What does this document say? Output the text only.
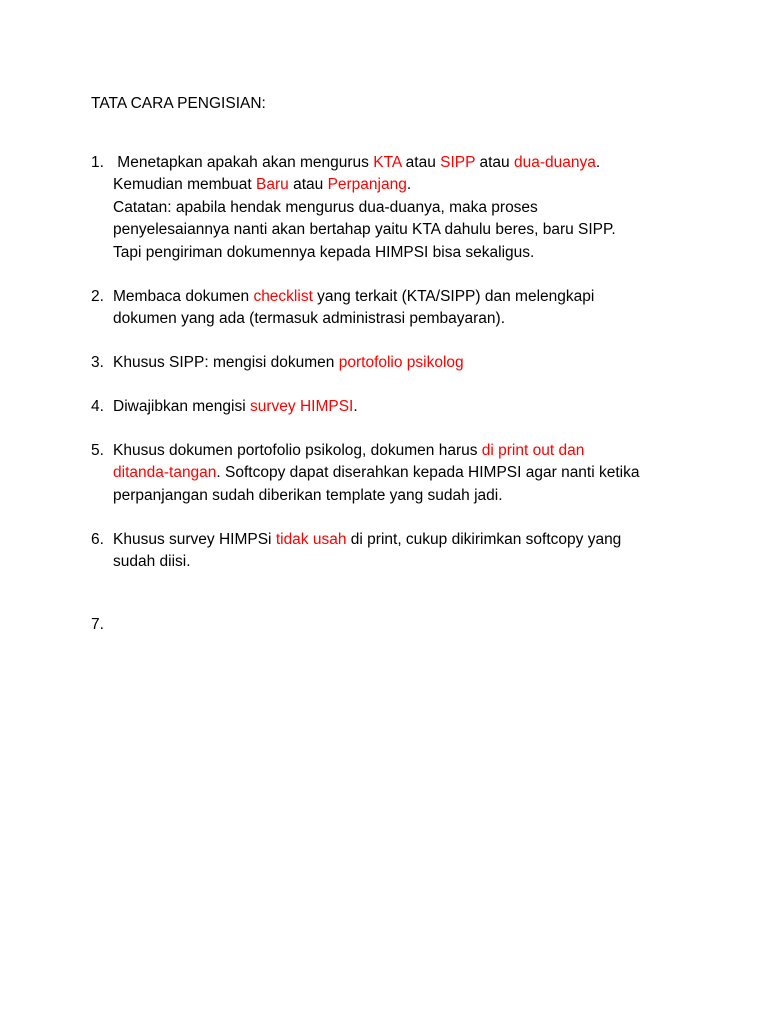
TATA CARA PENGISIAN:
1. Menetapkan apakah akan mengurus KTA atau SIPP atau dua-duanya.
Kemudian membuat Baru atau Perpanjang.
Catatan: apabila hendak mengurus dua-duanya, maka proses
penyelesaiannya nanti akan bertahap yaitu KTA dahulu beres, baru SIPP.
Tapi pengiriman dokumennya kepada HIMPSI bisa sekaligus.
2. Membaca dokumen checklist yang terkait (KTA/SIPP) dan melengkapi
dokumen yang ada (termasuk administrasi pembayaran).
3. Khusus SIPP: mengisi dokumen portofolio psikolog
4. Diwajibkan mengisi survey HIMPSI.
5. Khusus dokumen portofolio psikolog, dokumen harus di print out dan
ditanda-tangan. Softcopy dapat diserahkan kepada HIMPSI agar nanti ketika
perpanjangan sudah diberikan template yang sudah jadi.
6. Khusus survey HIMPSi tidak usah di print, cukup dikirimkan softcopy yang
sudah diisi.
7.
